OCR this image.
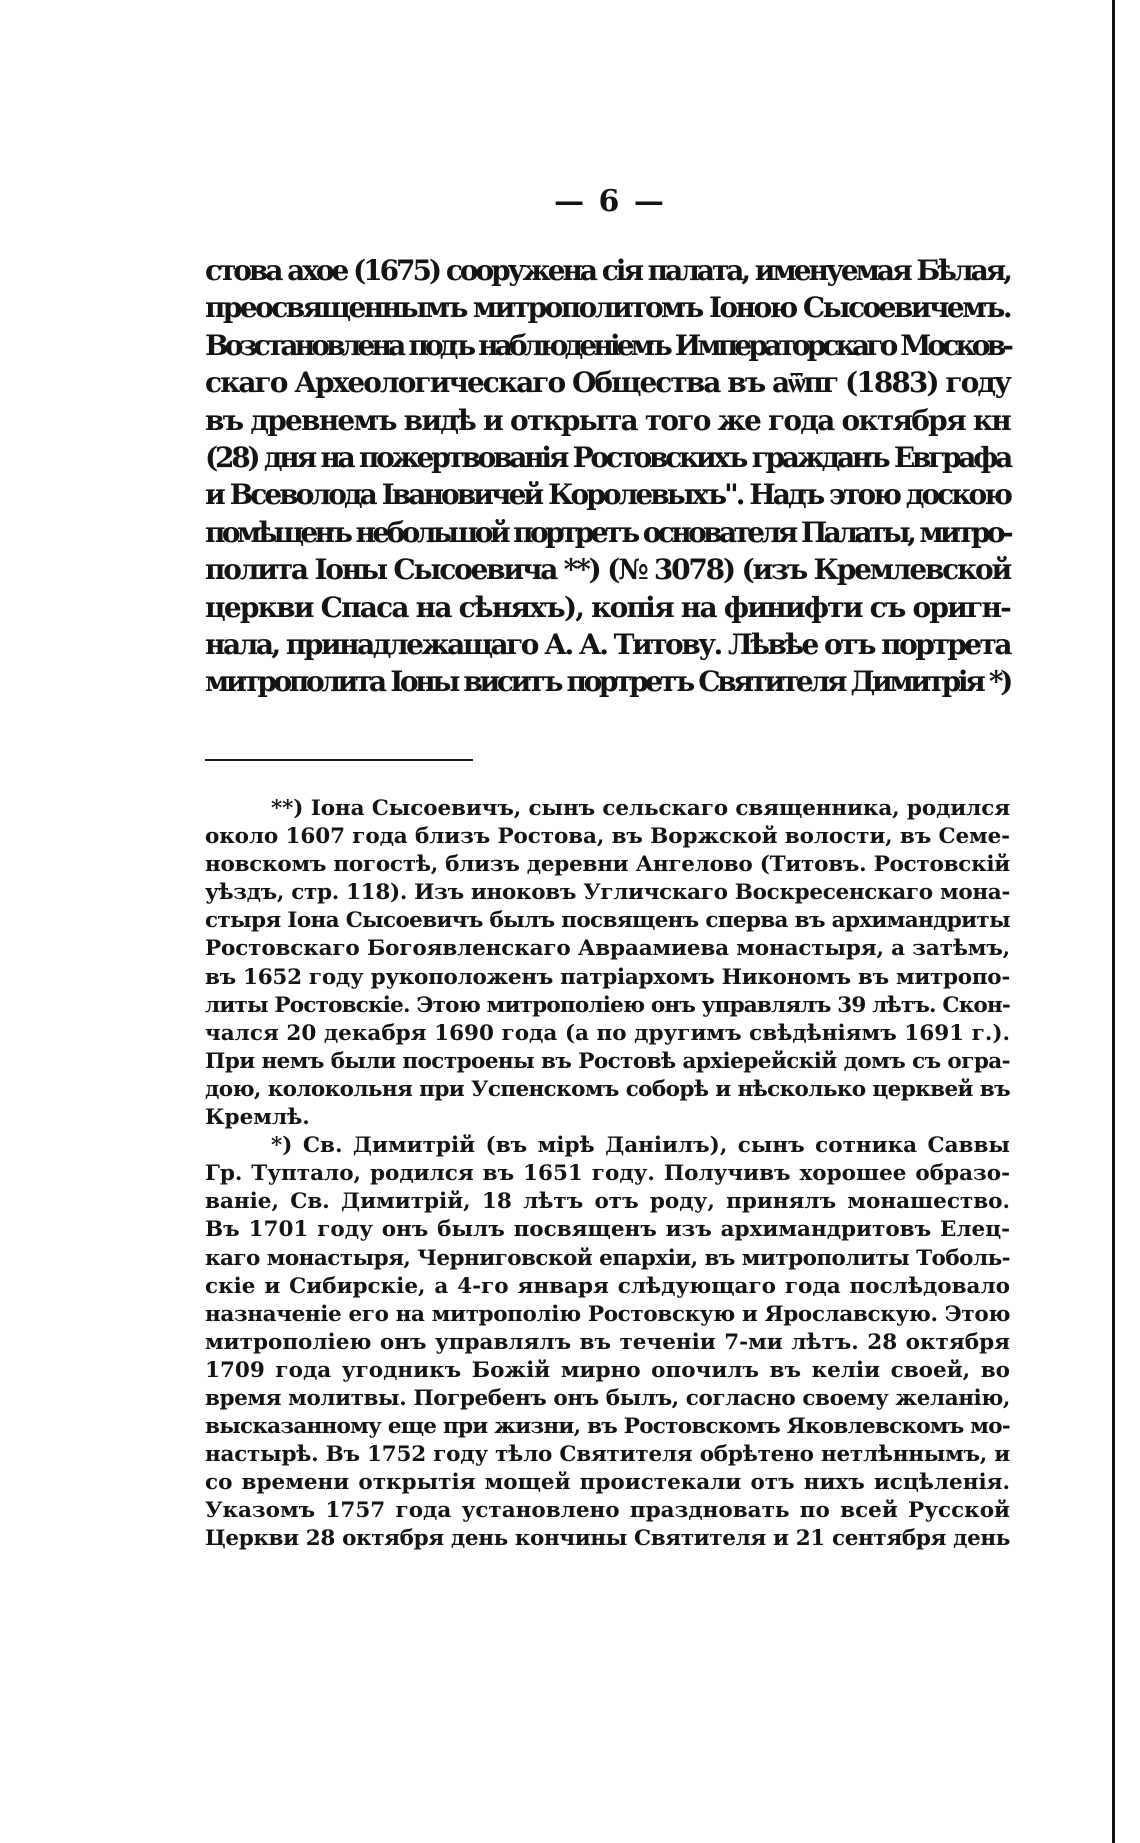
— 6 —
стова ахое (1675) сооружена сія палата, именуемая Бѣлая,
преосвященнымъ митрополитомъ Іоною Сысоевичемъ.
Возстановлена подъ наблюденіемъ Императорскаго Москов-
скаго Археологическаго Общества въ аѿпг (1883) году
въ древнемъ видѣ и открыта того же года октября кн
(28) дня на пожертвованія Ростовскихъ гражданъ Евграфа
и Всеволода Івановичей Королевыхъ". Надъ этою доскою
помѣщенъ небольшой портретъ основателя Палаты, митро-
полита Іоны Сысоевича **) (№ 3078) (изъ Кремлевской
церкви Спаса на сѣняхъ), копія на финифти съ оригн-
нала, принадлежащаго А. А. Титову. Лѣвѣе отъ портрета
митрополита Іоны виситъ портретъ Святителя Димитрія *)
**) Іона Сысоевичъ, сынъ сельскаго священника, родился
около 1607 года близъ Ростова, въ Воржской волости, въ Семе-
новскомъ погостѣ, близъ деревни Ангелово (Титовъ. Ростовскій
уѣздъ, стр. 118). Изъ иноковъ Угличскаго Воскресенскаго мона-
стыря Іона Сысоевичъ былъ посвященъ сперва въ архимандриты
Ростовскаго Богоявленскаго Авраамиева монастыря, а затѣмъ,
въ 1652 году рукоположенъ патріархомъ Никономъ въ митропо-
литы Ростовскіе. Этою митрополіею онъ управлялъ 39 лѣтъ. Скон-
чался 20 декабря 1690 года (а по другимъ свѣдѣніямъ 1691 г.).
При немъ были построены въ Ростовѣ архіерейскій домъ съ огра-
дою, колокольня при Успенскомъ соборѣ и нѣсколько церквей въ
Кремлѣ.
*) Св. Димитрій (въ мірѣ Даніилъ), сынъ сотника Саввы
Гр. Туптало, родился въ 1651 году. Получивъ хорошее образо-
ваніе, Св. Димитрій, 18 лѣтъ отъ роду, принялъ монашество.
Въ 1701 году онъ былъ посвященъ изъ архимандритовъ Елец-
каго монастыря, Черниговской епархіи, въ митрополиты Тоболь-
скіе и Сибирскіе, а 4-го января слѣдующаго года послѣдовало
назначеніе его на митрополію Ростовскую и Ярославскую. Этою
митрополіею онъ управлялъ въ теченіи 7-ми лѣтъ. 28 октября
1709 года угодникъ Божій мирно опочилъ въ келіи своей, во
время молитвы. Погребенъ онъ былъ, согласно своему желанію,
высказанному еще при жизни, въ Ростовскомъ Яковлевскомъ мо-
настырѣ. Въ 1752 году тѣло Святителя обрѣтено нетлѣннымъ, и
со времени открытія мощей проистекали отъ нихъ исцѣленія.
Указомъ 1757 года установлено праздновать по всей Русской
Церкви 28 октября день кончины Святителя и 21 сентября день
